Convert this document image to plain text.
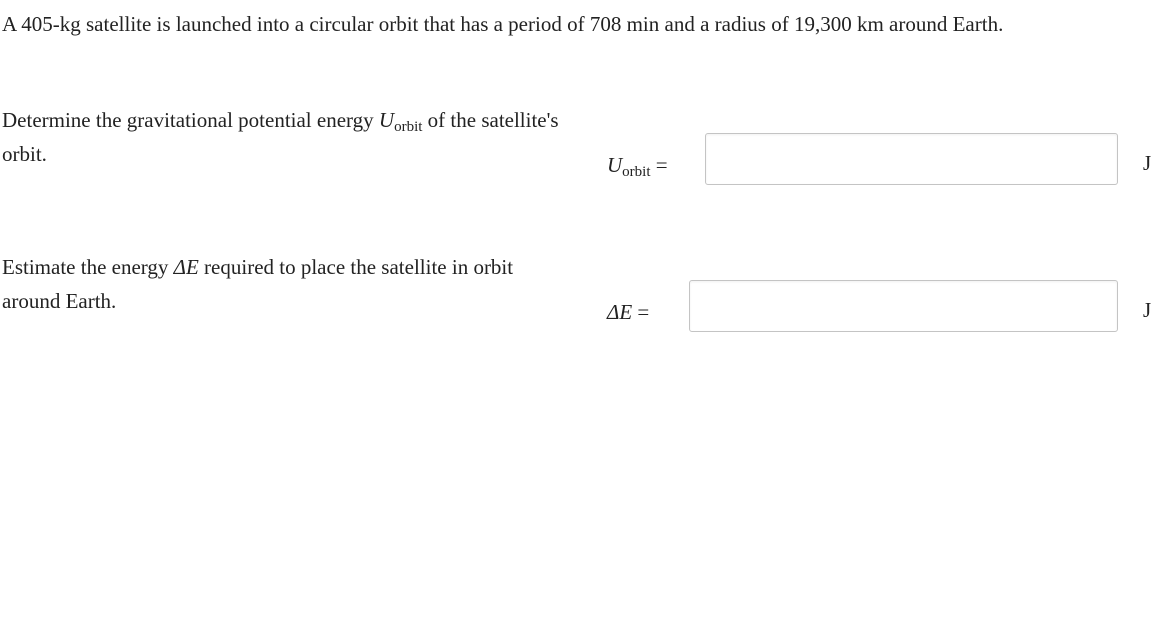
A 405-kg satellite is launched into a circular orbit that has a period of 708 min and a radius of 19,300 km around Earth.
Determine the gravitational potential energy $U_{orbit}$ of the satellite's orbit.	$U_{orbit}$ =	J
Estimate the energy ΔE required to place the satellite in orbit around Earth.	ΔE =	J
